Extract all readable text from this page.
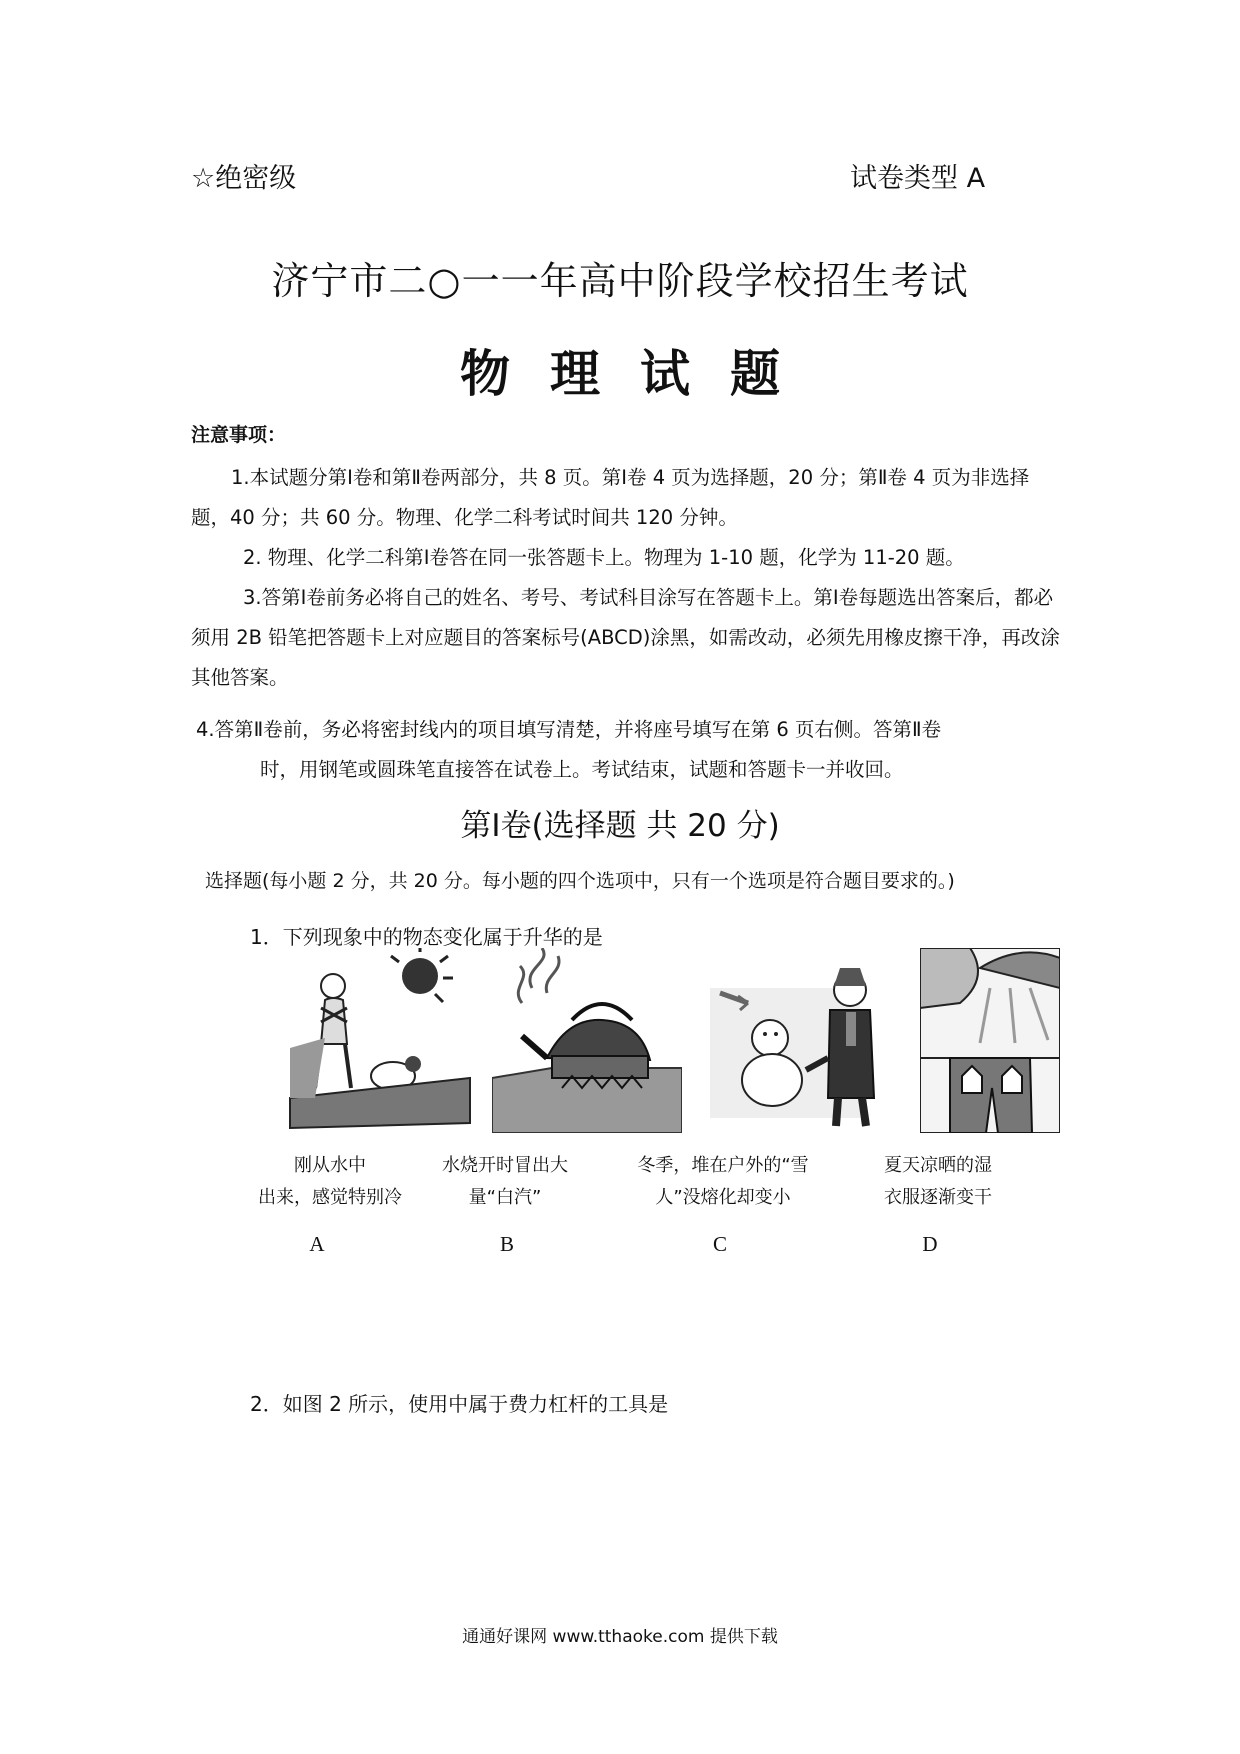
☆绝密级	试卷类型 A
济宁市二○一一年高中阶段学校招生考试
物理试题
注意事项：
1.本试题分第Ⅰ卷和第Ⅱ卷两部分，共 8 页。第Ⅰ卷 4 页为选择题，20 分；第Ⅱ卷 4 页为非选择题，40 分；共 60 分。物理、化学二科考试时间共 120 分钟。
2. 物理、化学二科第Ⅰ卷答在同一张答题卡上。物理为 1-10 题，化学为 11-20 题。
3.答第Ⅰ卷前务必将自己的姓名、考号、考试科目涂写在答题卡上。第Ⅰ卷每题选出答案后，都必须用 2B 铅笔把答题卡上对应题目的答案标号(ABCD)涂黑，如需改动，必须先用橡皮擦干净，再改涂其他答案。
4.答第Ⅱ卷前，务必将密封线内的项目填写清楚，并将座号填写在第 6 页右侧。答第Ⅱ卷
时，用钢笔或圆珠笔直接答在试卷上。考试结束，试题和答题卡一并收回。
第Ⅰ卷(选择题 共 20 分)
选择题(每小题 2 分，共 20 分。每小题的四个选项中，只有一个选项是符合题目要求的。)
1．下列现象中的物态变化属于升华的是
刚从水中
出来，感觉特别冷
水烧开时冒出大
量“白汽”
冬季，堆在户外的“雪
人”没熔化却变小
夏天凉晒的湿
衣服逐渐变干
A	B	C	D
2．如图 2 所示，使用中属于费力杠杆的工具是
通通好课网 www.tthaoke.com 提供下载
